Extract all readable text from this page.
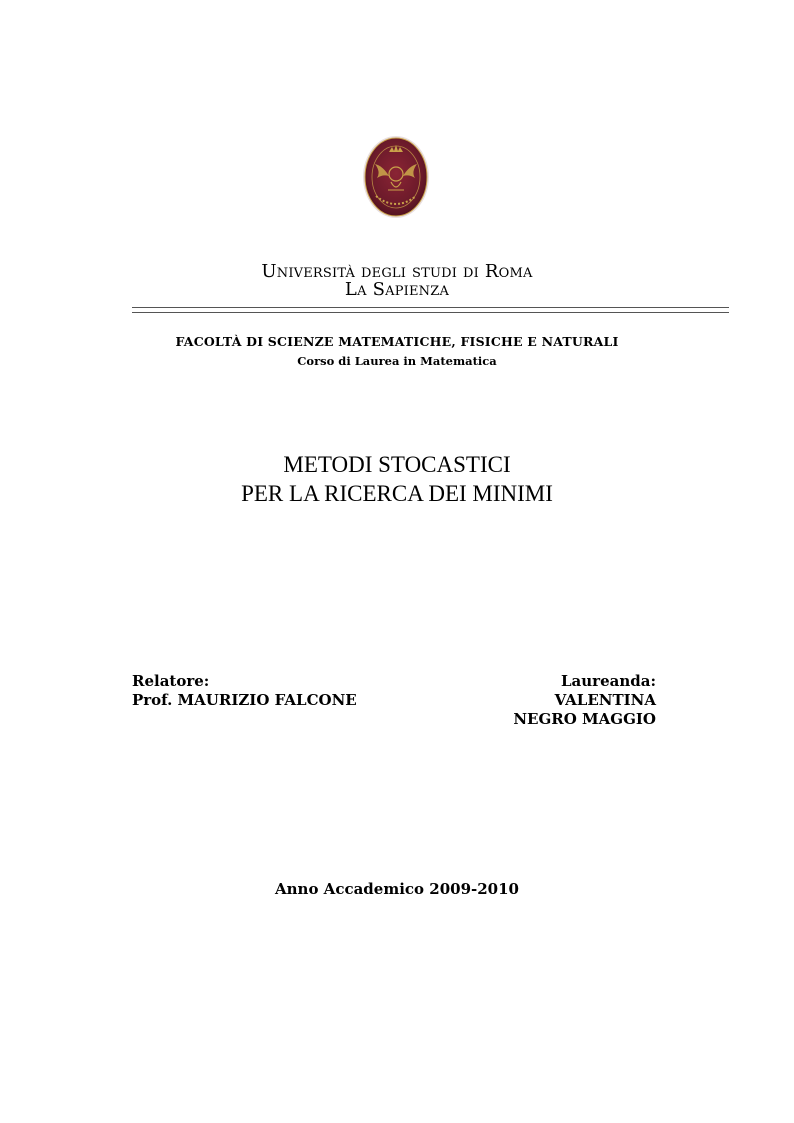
Università degli studi di Roma
La Sapienza
FACOLTÀ DI SCIENZE MATEMATICHE, FISICHE E NATURALI
Corso di Laurea in Matematica
METODI STOCASTICI
PER LA RICERCA DEI MINIMI
Relatore:
Prof. MAURIZIO FALCONE
Laureanda:
VALENTINA
NEGRO MAGGIO
Anno Accademico 2009-2010
